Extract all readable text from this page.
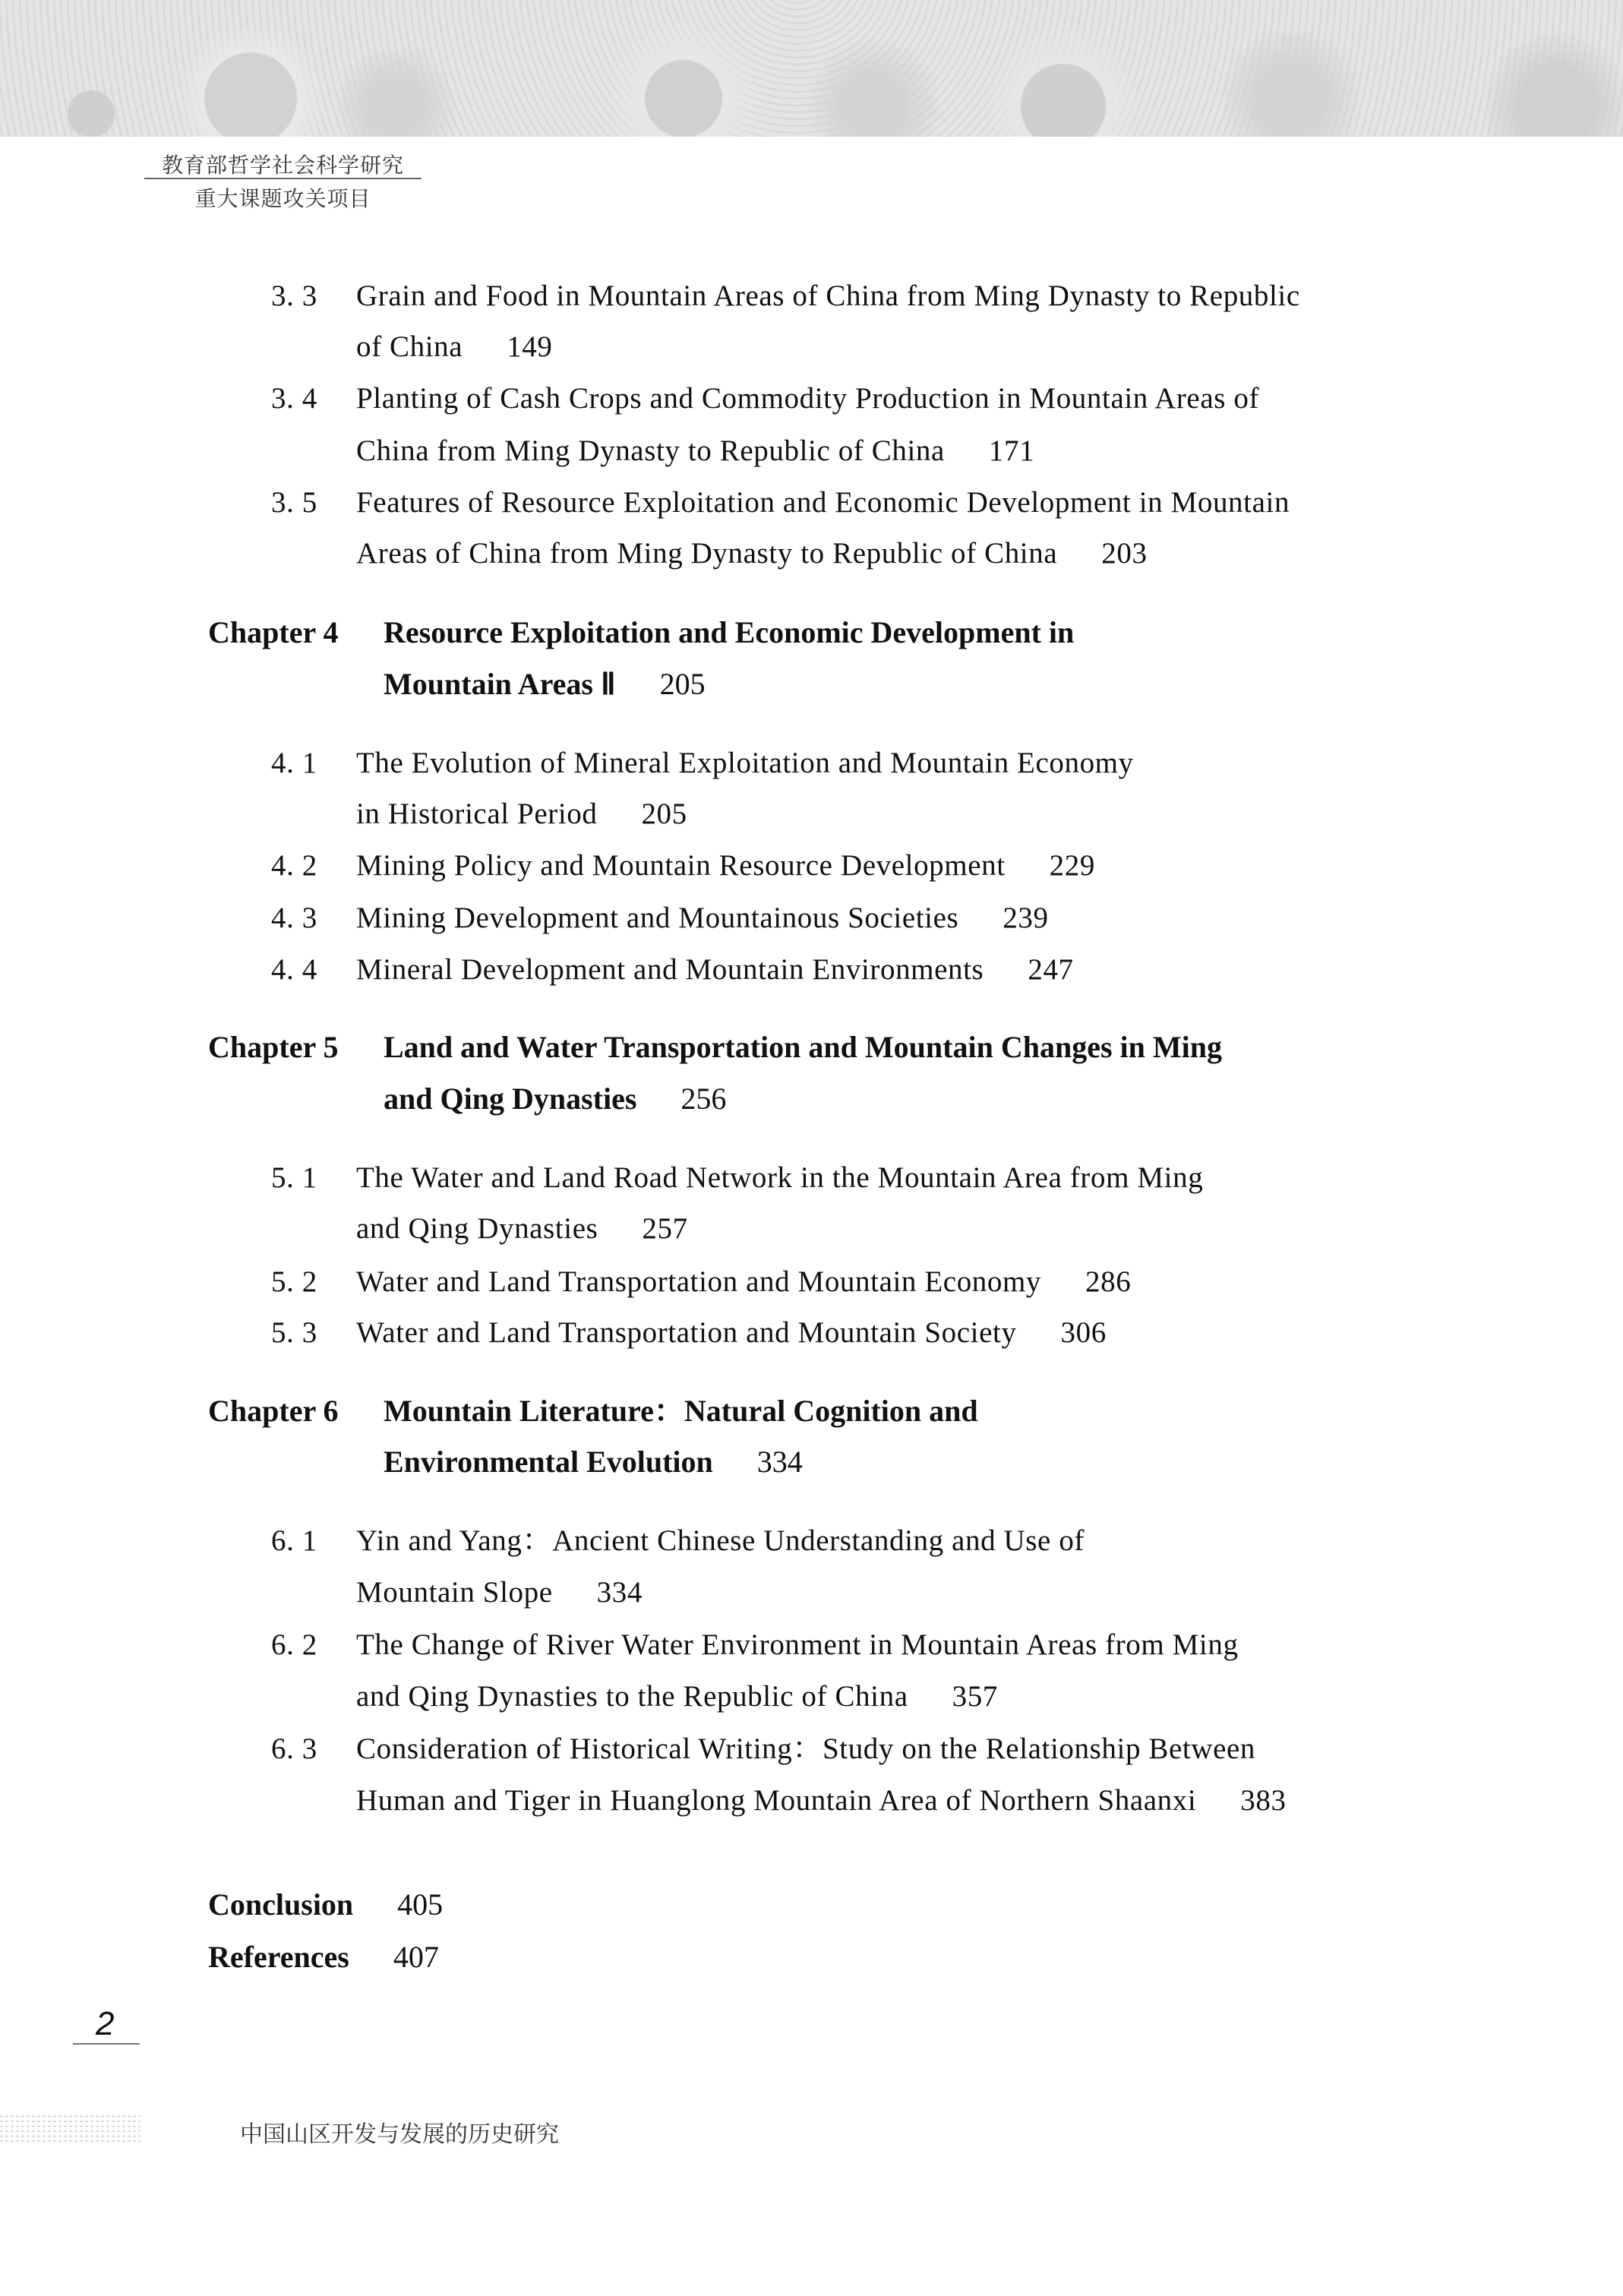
教育部哲学社会科学研究
重大课题攻关项目
3. 3 Grain and Food in Mountain Areas of China from Ming Dynasty to Republic
of China 149
3. 4 Planting of Cash Crops and Commodity Production in Mountain Areas of
China from Ming Dynasty to Republic of China 171
3. 5 Features of Resource Exploitation and Economic Development in Mountain
Areas of China from Ming Dynasty to Republic of China 203
Chapter 4 Resource Exploitation and Economic Development in
Mountain Areas Ⅱ 205
4. 1 The Evolution of Mineral Exploitation and Mountain Economy
in Historical Period 205
4. 2 Mining Policy and Mountain Resource Development 229
4. 3 Mining Development and Mountainous Societies 239
4. 4 Mineral Development and Mountain Environments 247
Chapter 5 Land and Water Transportation and Mountain Changes in Ming
and Qing Dynasties 256
5. 1 The Water and Land Road Network in the Mountain Area from Ming
and Qing Dynasties 257
5. 2 Water and Land Transportation and Mountain Economy 286
5. 3 Water and Land Transportation and Mountain Society 306
Chapter 6 Mountain Literature：Natural Cognition and
Environmental Evolution 334
6. 1 Yin and Yang：Ancient Chinese Understanding and Use of
Mountain Slope 334
6. 2 The Change of River Water Environment in Mountain Areas from Ming
and Qing Dynasties to the Republic of China 357
6. 3 Consideration of Historical Writing：Study on the Relationship Between
Human and Tiger in Huanglong Mountain Area of Northern Shaanxi 383
Conclusion 405
References 407
2
中国山区开发与发展的历史研究
